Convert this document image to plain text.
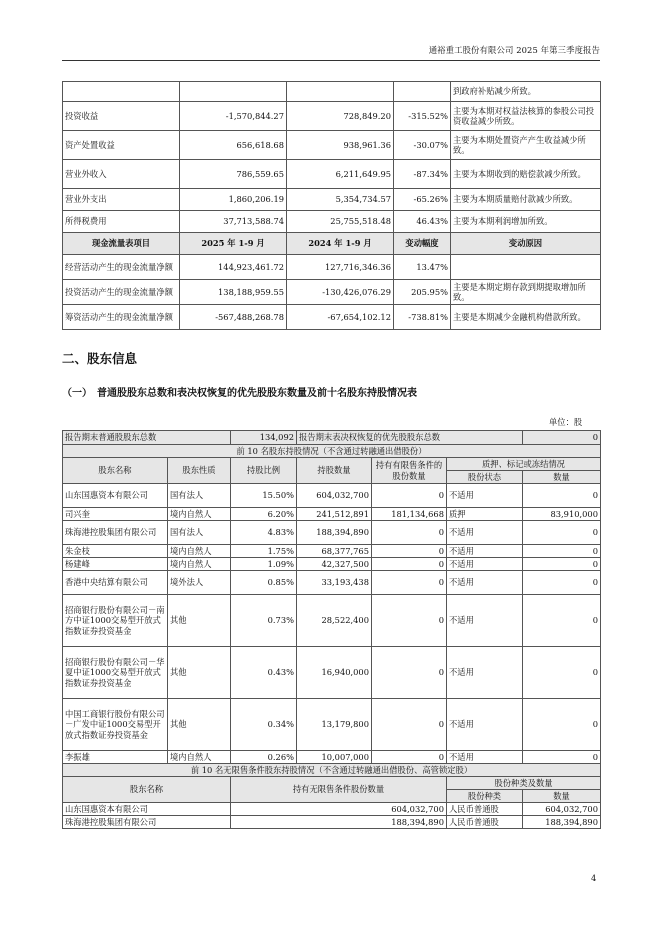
通裕重工股份有限公司 2025 年第三季度报告
				到政府补贴减少所致。
投资收益	-1,570,844.27	728,849.20	-315.52%	主要为本期对权益法核算的参股公司投资收益减少所致。
资产处置收益	656,618.68	938,961.36	-30.07%	主要为本期处置资产产生收益减少所致。
营业外收入	786,559.65	6,211,649.95	-87.34%	主要为本期收到的赔偿款减少所致。
营业外支出	1,860,206.19	5,354,734.57	-65.26%	主要为本期质量赔付款减少所致。
所得税费用	37,713,588.74	25,755,518.48	46.43%	主要为本期利润增加所致。
现金流量表项目	2025 年 1-9 月	2024 年 1-9 月	变动幅度	变动原因
经营活动产生的现金流量净额	144,923,461.72	127,716,346.36	13.47%	
投资活动产生的现金流量净额	138,188,959.55	-130,426,076.29	205.95%	主要是本期定期存款到期提取增加所致。
筹资活动产生的现金流量净额	-567,488,268.78	-67,654,102.12	-738.81%	主要是本期减少金融机构借款所致。
二、股东信息
（一）　普通股股东总数和表决权恢复的优先股股东数量及前十名股东持股情况表
单位：股
报告期末普通股股东总数		134,092	报告期末表决权恢复的优先股股东总数			0
前 10 名股东持股情况（不含通过转融通出借股份）						
股东名称	股东性质	持股比例	持股数量	持有有限售条件的股份数量	质押、标记或冻结情况	
					股份状态	数量
山东国惠资本有限公司	国有法人	15.50%	604,032,700	0	不适用	0
司兴奎	境内自然人	6.20%	241,512,891	181,134,668	质押	83,910,000
珠海港控股集团有限公司	国有法人	4.83%	188,394,890	0	不适用	0
朱金枝	境内自然人	1.75%	68,377,765	0	不适用	0
杨建峰	境内自然人	1.09%	42,327,500	0	不适用	0
香港中央结算有限公司	境外法人	0.85%	33,193,438	0	不适用	0
招商银行股份有限公司－南方中证1000交易型开放式指数证券投资基金	其他	0.73%	28,522,400	0	不适用	0
招商银行股份有限公司－华夏中证1000交易型开放式指数证券投资基金	其他	0.43%	16,940,000	0	不适用	0
中国工商银行股份有限公司－广发中证1000交易型开放式指数证券投资基金	其他	0.34%	13,179,800	0	不适用	0
李振雄	境内自然人	0.26%	10,007,000	0	不适用	0
前 10 名无限售条件股东持股情况（不含通过转融通出借股份、高管锁定股）						
股东名称		持有无限售条件股份数量			股份种类及数量	
					股份种类	数量
山东国惠资本有限公司		604,032,700			人民币普通股	604,032,700
珠海港控股集团有限公司		188,394,890			人民币普通股	188,394,890
4
